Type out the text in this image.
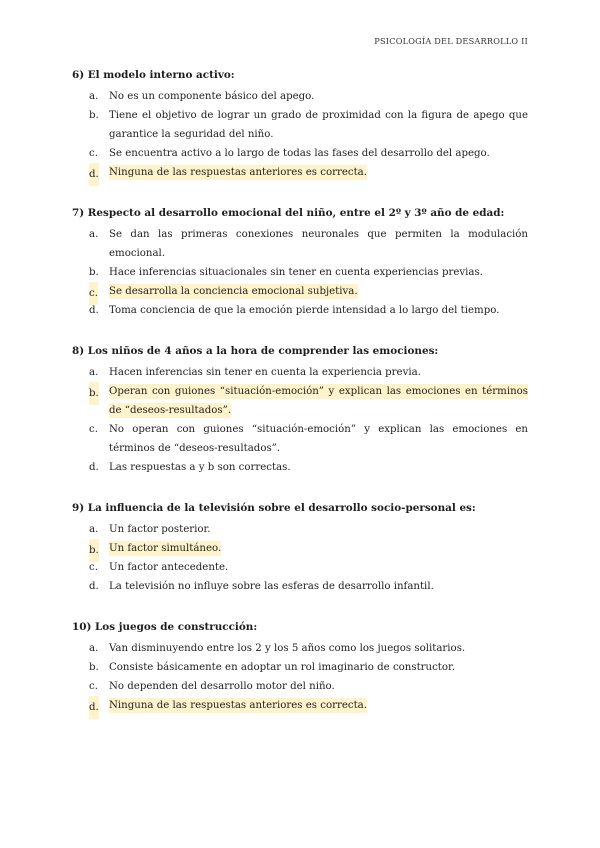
PSICOLOGÍA DEL DESARROLLO II
6) El modelo interno activo:
a. No es un componente básico del apego.
b. Tiene el objetivo de lograr un grado de proximidad con la figura de apego que garantice la seguridad del niño.
c. Se encuentra activo a lo largo de todas las fases del desarrollo del apego.
d. Ninguna de las respuestas anteriores es correcta.
7) Respecto al desarrollo emocional del niño, entre el 2º y 3º año de edad:
a. Se dan las primeras conexiones neuronales que permiten la modulación emocional.
b. Hace inferencias situacionales sin tener en cuenta experiencias previas.
c. Se desarrolla la conciencia emocional subjetiva.
d. Toma conciencia de que la emoción pierde intensidad a lo largo del tiempo.
8) Los niños de 4 años a la hora de comprender las emociones:
a. Hacen inferencias sin tener en cuenta la experiencia previa.
b. Operan con guiones “situación-emoción” y explican las emociones en términos de “deseos-resultados”.
c. No operan con guiones “situación-emoción” y explican las emociones en términos de “deseos-resultados”.
d. Las respuestas a y b son correctas.
9) La influencia de la televisión sobre el desarrollo socio-personal es:
a. Un factor posterior.
b. Un factor simultáneo.
c. Un factor antecedente.
d. La televisión no influye sobre las esferas de desarrollo infantil.
10) Los juegos de construcción:
a. Van disminuyendo entre los 2 y los 5 años como los juegos solitarios.
b. Consiste básicamente en adoptar un rol imaginario de constructor.
c. No dependen del desarrollo motor del niño.
d. Ninguna de las respuestas anteriores es correcta.
